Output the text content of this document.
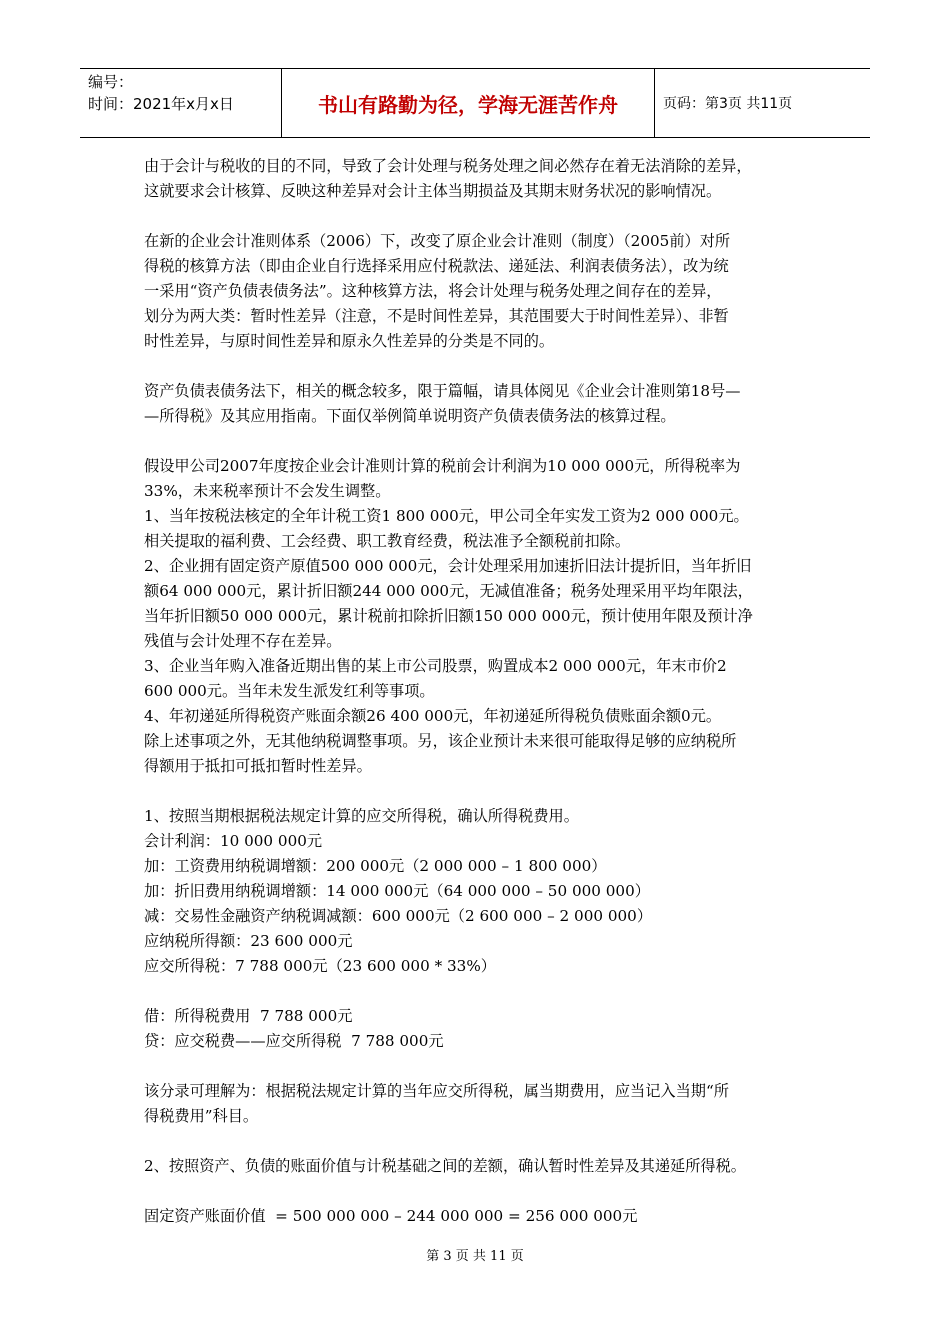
编号：
时间：2021年x月x日	书山有路勤为径，学海无涯苦作舟	页码：第3页 共11页

由于会计与税收的目的不同，导致了会计处理与税务处理之间必然存在着无法消除的差异，

这就要求会计核算、反映这种差异对会计主体当期损益及其期末财务状况的影响情况。

在新的企业会计准则体系（2006）下，改变了原企业会计准则（制度）（2005前）对所

得税的核算方法（即由企业自行选择采用应付税款法、递延法、利润表债务法），改为统

一采用“资产负债表债务法”。这种核算方法，将会计处理与税务处理之间存在的差异，

划分为两大类：暂时性差异（注意，不是时间性差异，其范围要大于时间性差异）、非暂

时性差异，与原时间性差异和原永久性差异的分类是不同的。

资产负债表债务法下，相关的概念较多，限于篇幅，请具体阅见《企业会计准则第18号—

—所得税》及其应用指南。下面仅举例简单说明资产负债表债务法的核算过程。

假设甲公司2007年度按企业会计准则计算的税前会计利润为10 000 000元，所得税率为

33%，未来税率预计不会发生调整。

1、当年按税法核定的全年计税工资1 800 000元，甲公司全年实发工资为2 000 000元。

相关提取的福利费、工会经费、职工教育经费，税法准予全额税前扣除。

2、企业拥有固定资产原值500 000 000元，会计处理采用加速折旧法计提折旧，当年折旧

额64 000 000元，累计折旧额244 000 000元，无减值准备；税务处理采用平均年限法，

当年折旧额50 000 000元，累计税前扣除折旧额150 000 000元，预计使用年限及预计净

残值与会计处理不存在差异。

3、企业当年购入准备近期出售的某上市公司股票，购置成本2 000 000元，年末市价2

600 000元。当年未发生派发红利等事项。

4、年初递延所得税资产账面余额26 400 000元，年初递延所得税负债账面余额0元。

除上述事项之外，无其他纳税调整事项。另，该企业预计未来很可能取得足够的应纳税所

得额用于抵扣可抵扣暂时性差异。

1、按照当期根据税法规定计算的应交所得税，确认所得税费用。

会计利润：10 000 000元

加：工资费用纳税调增额：200 000元（2 000 000 – 1 800 000）

加：折旧费用纳税调增额：14 000 000元（64 000 000 – 50 000 000）

减：交易性金融资产纳税调减额：600 000元（2 600 000 – 2 000 000）

应纳税所得额：23 600 000元

应交所得税：7 788 000元（23 600 000 * 33%）

借：所得税费用  7 788 000元

贷：应交税费——应交所得税  7 788 000元

该分录可理解为：根据税法规定计算的当年应交所得税，属当期费用，应当记入当期“所

得税费用”科目。

2、按照资产、负债的账面价值与计税基础之间的差额，确认暂时性差异及其递延所得税。

固定资产账面价值  = 500 000 000 – 244 000 000 = 256 000 000元

第 3 页 共 11 页
